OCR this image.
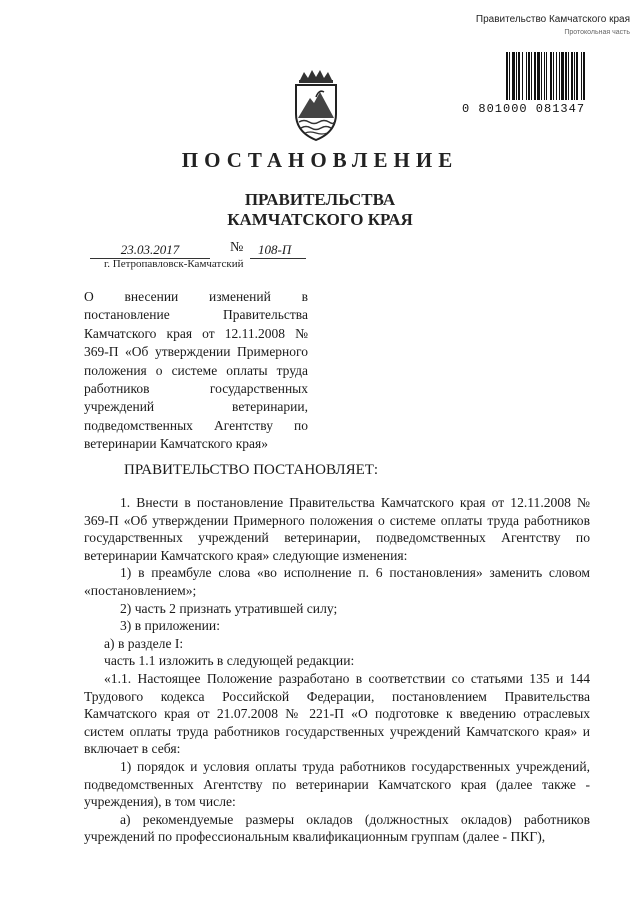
Правительство Камчатского края
Протокольная часть
0 801000 081347
ПОСТАНОВЛЕНИЕ
ПРАВИТЕЛЬСТВА
КАМЧАТСКОГО КРАЯ
23.03.2017	№ 108-П
г. Петропавловск-Камчатский
О внесении изменений в постановление Правительства Камчатского края от 12.11.2008 № 369-П «Об утверждении Примерного положения о системе оплаты труда работников государственных учреждений ветеринарии, подведомственных Агентству по ветеринарии Камчатского края»
ПРАВИТЕЛЬСТВО ПОСТАНОВЛЯЕТ:

1. Внести в постановление Правительства Камчатского края от 12.11.2008 № 369-П «Об утверждении Примерного положения о системе оплаты труда работников государственных учреждений ветеринарии, подведомственных Агентству по ветеринарии Камчатского края» следующие изменения:

1) в преамбуле слова «во исполнение п. 6 постановления» заменить словом «постановлением»;

2) часть 2 признать утратившей силу;

3) в приложении:

а) в разделе I:

часть 1.1 изложить в следующей редакции:

«1.1. Настоящее Положение разработано в соответствии со статьями 135 и 144 Трудового кодекса Российской Федерации, постановлением Правительства Камчатского края от 21.07.2008 № 221-П «О подготовке к введению отраслевых систем оплаты труда работников государственных учреждений Камчатского края» и включает в себя:

1) порядок и условия оплаты труда работников государственных учреждений, подведомственных Агентству по ветеринарии Камчатского края (далее также - учреждения), в том числе:

а) рекомендуемые размеры окладов (должностных окладов) работников учреждений по профессиональным квалификационным группам (далее - ПКГ),
